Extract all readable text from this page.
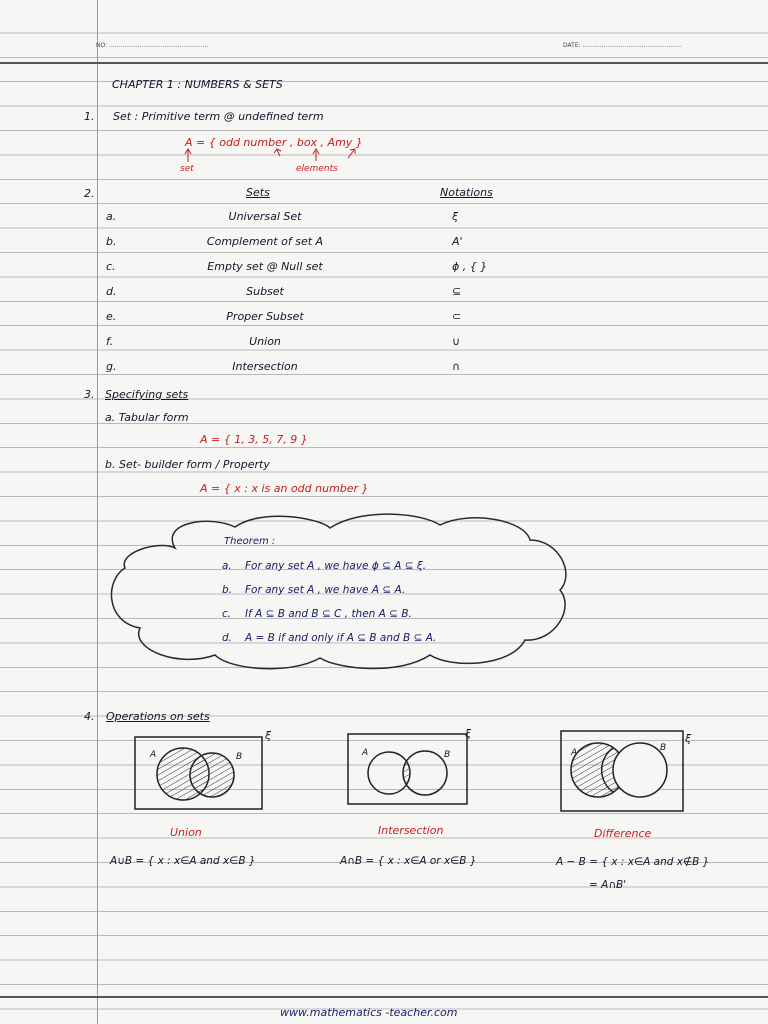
NO: ....................................................	DATE: ....................................................
CHAPTER 1 : NUMBERS & SETS
1. Set : Primitive term @ undefined term
A = { odd number , box , Amy }
set	elements
2.	Sets	Notations
a.	Universal Set	ξ
b.	Complement of set A	A'
c.	Empty set @ Null set	ϕ , { }
d.	Subset	⊆
e.	Proper Subset	⊂
f.	Union	∪
g.	Intersection	∩
3. Specifying sets
a. Tabular form
A = { 1, 3, 5, 7, 9 }
b. Set- builder form / Property
A = { x : x is an odd number }
Theorem :
a. For any set A , we have ϕ ⊆ A ⊆ ξ.
b. For any set A , we have A ⊆ A.
c. If A ⊆ B and B ⊆ C , then A ⊆ B.
d. A = B if and only if A ⊆ B and B ⊆ A.
4. Operations on sets
ξ
A	B
ξ
A	B
ξ
A	B
Union	Intersection	Difference
A∪B = { x : x∈A and x∈B }	A∩B = { x : x∈A or x∈B }	A − B = { x : x∈A and x∉B }
= A∩B'
www.mathematics -teacher.com
